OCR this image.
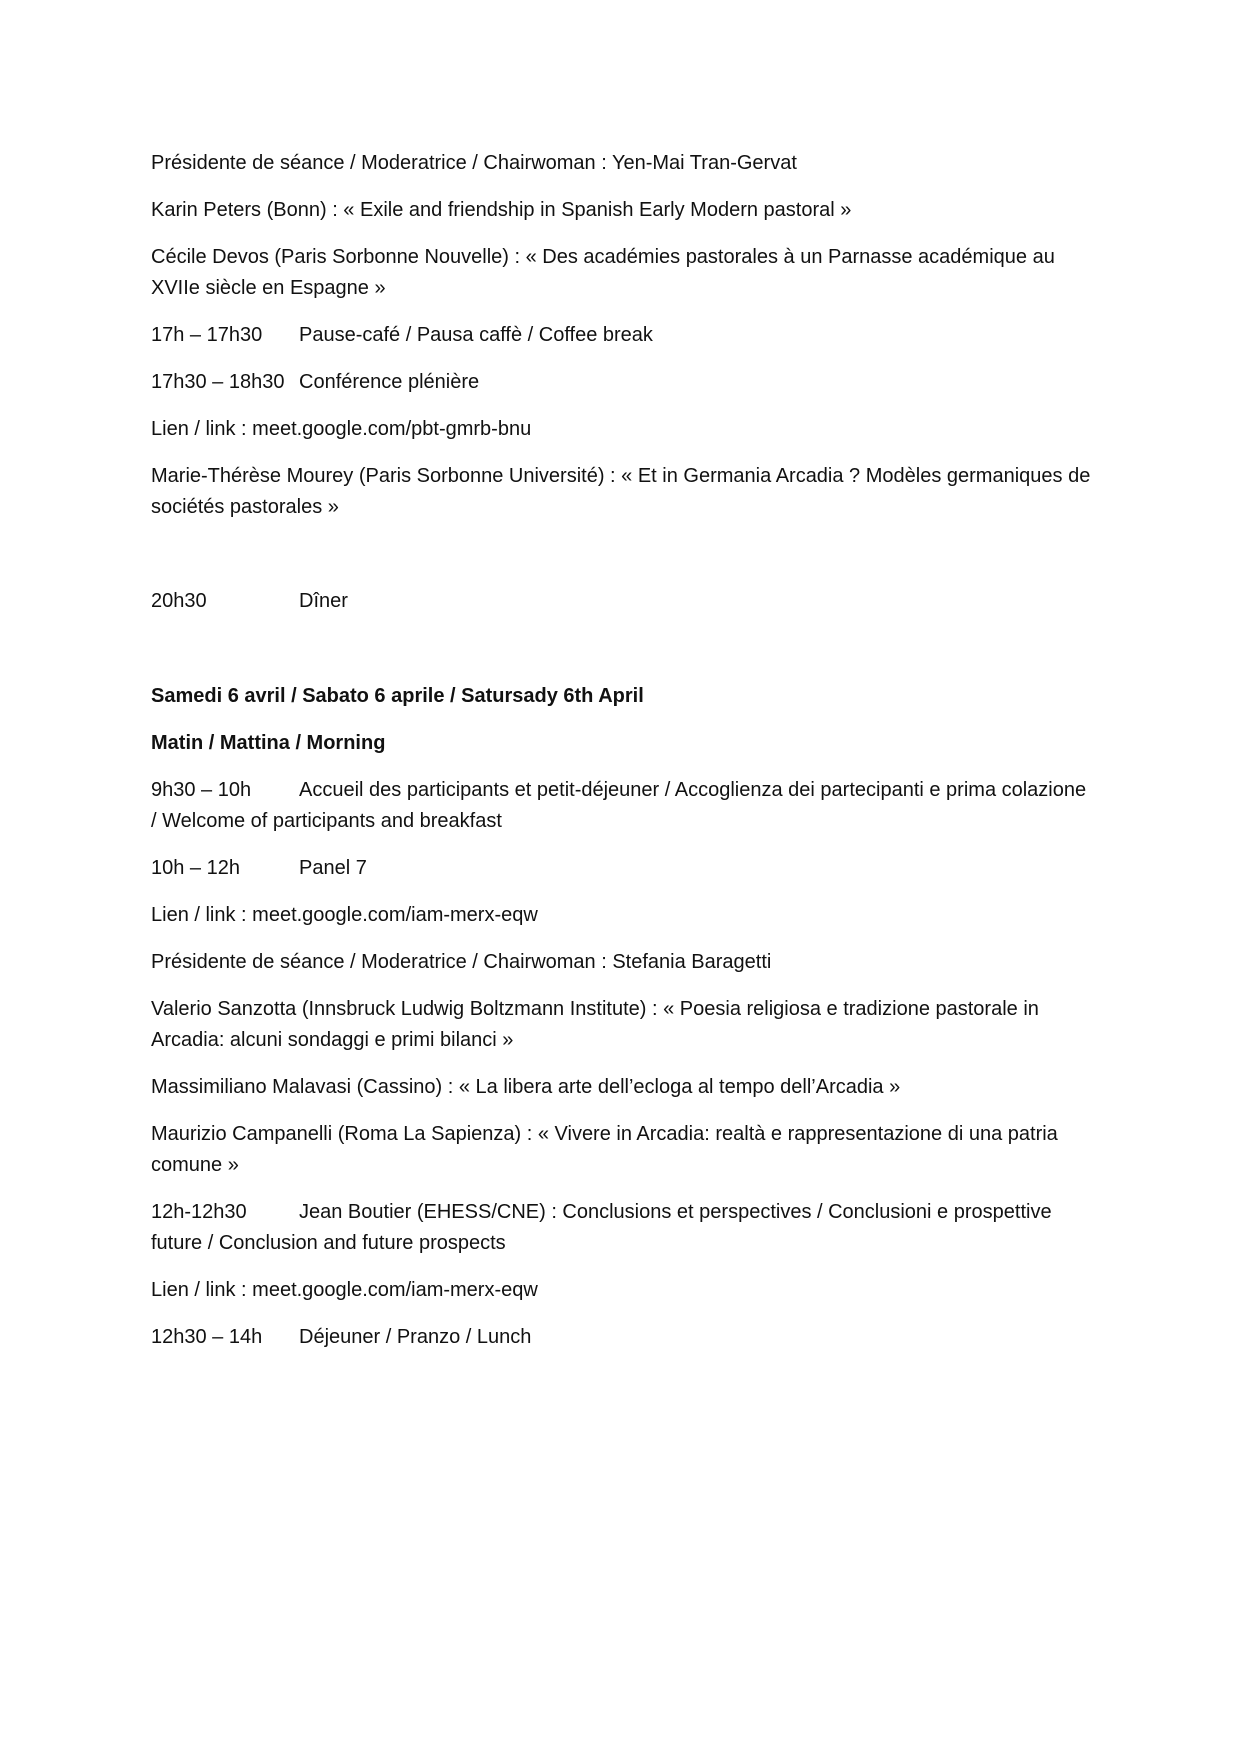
Présidente de séance / Moderatrice / Chairwoman : Yen-Mai Tran-Gervat
Karin Peters (Bonn) : « Exile and friendship in Spanish Early Modern pastoral »
Cécile Devos (Paris Sorbonne Nouvelle) : « Des académies pastorales à un Parnasse académique au XVIIe siècle en Espagne »
17h – 17h30 Pause-café / Pausa caffè / Coffee break
17h30 – 18h30 Conférence plénière
Lien / link : meet.google.com/pbt-gmrb-bnu
Marie-Thérèse Mourey (Paris Sorbonne Université) : « Et in Germania Arcadia ? Modèles germaniques de sociétés pastorales »
20h30	Dîner
Samedi 6 avril / Sabato 6 aprile / Satursady 6th April
Matin / Mattina / Morning
9h30 – 10h Accueil des participants et petit-déjeuner / Accoglienza dei partecipanti e prima colazione / Welcome of participants and breakfast
10h – 12h	Panel 7
Lien / link : meet.google.com/iam-merx-eqw
Présidente de séance / Moderatrice / Chairwoman : Stefania Baragetti
Valerio Sanzotta (Innsbruck Ludwig Boltzmann Institute) : « Poesia religiosa e tradizione pastorale in Arcadia: alcuni sondaggi e primi bilanci »
Massimiliano Malavasi (Cassino) : « La libera arte dell’ecloga al tempo dell’Arcadia »
Maurizio Campanelli (Roma La Sapienza) : « Vivere in Arcadia: realtà e rappresentazione di una patria comune »
12h-12h30	Jean Boutier (EHESS/CNE) : Conclusions et perspectives / Conclusioni e prospettive future / Conclusion and future prospects
Lien / link : meet.google.com/iam-merx-eqw
12h30 – 14h Déjeuner / Pranzo / Lunch
